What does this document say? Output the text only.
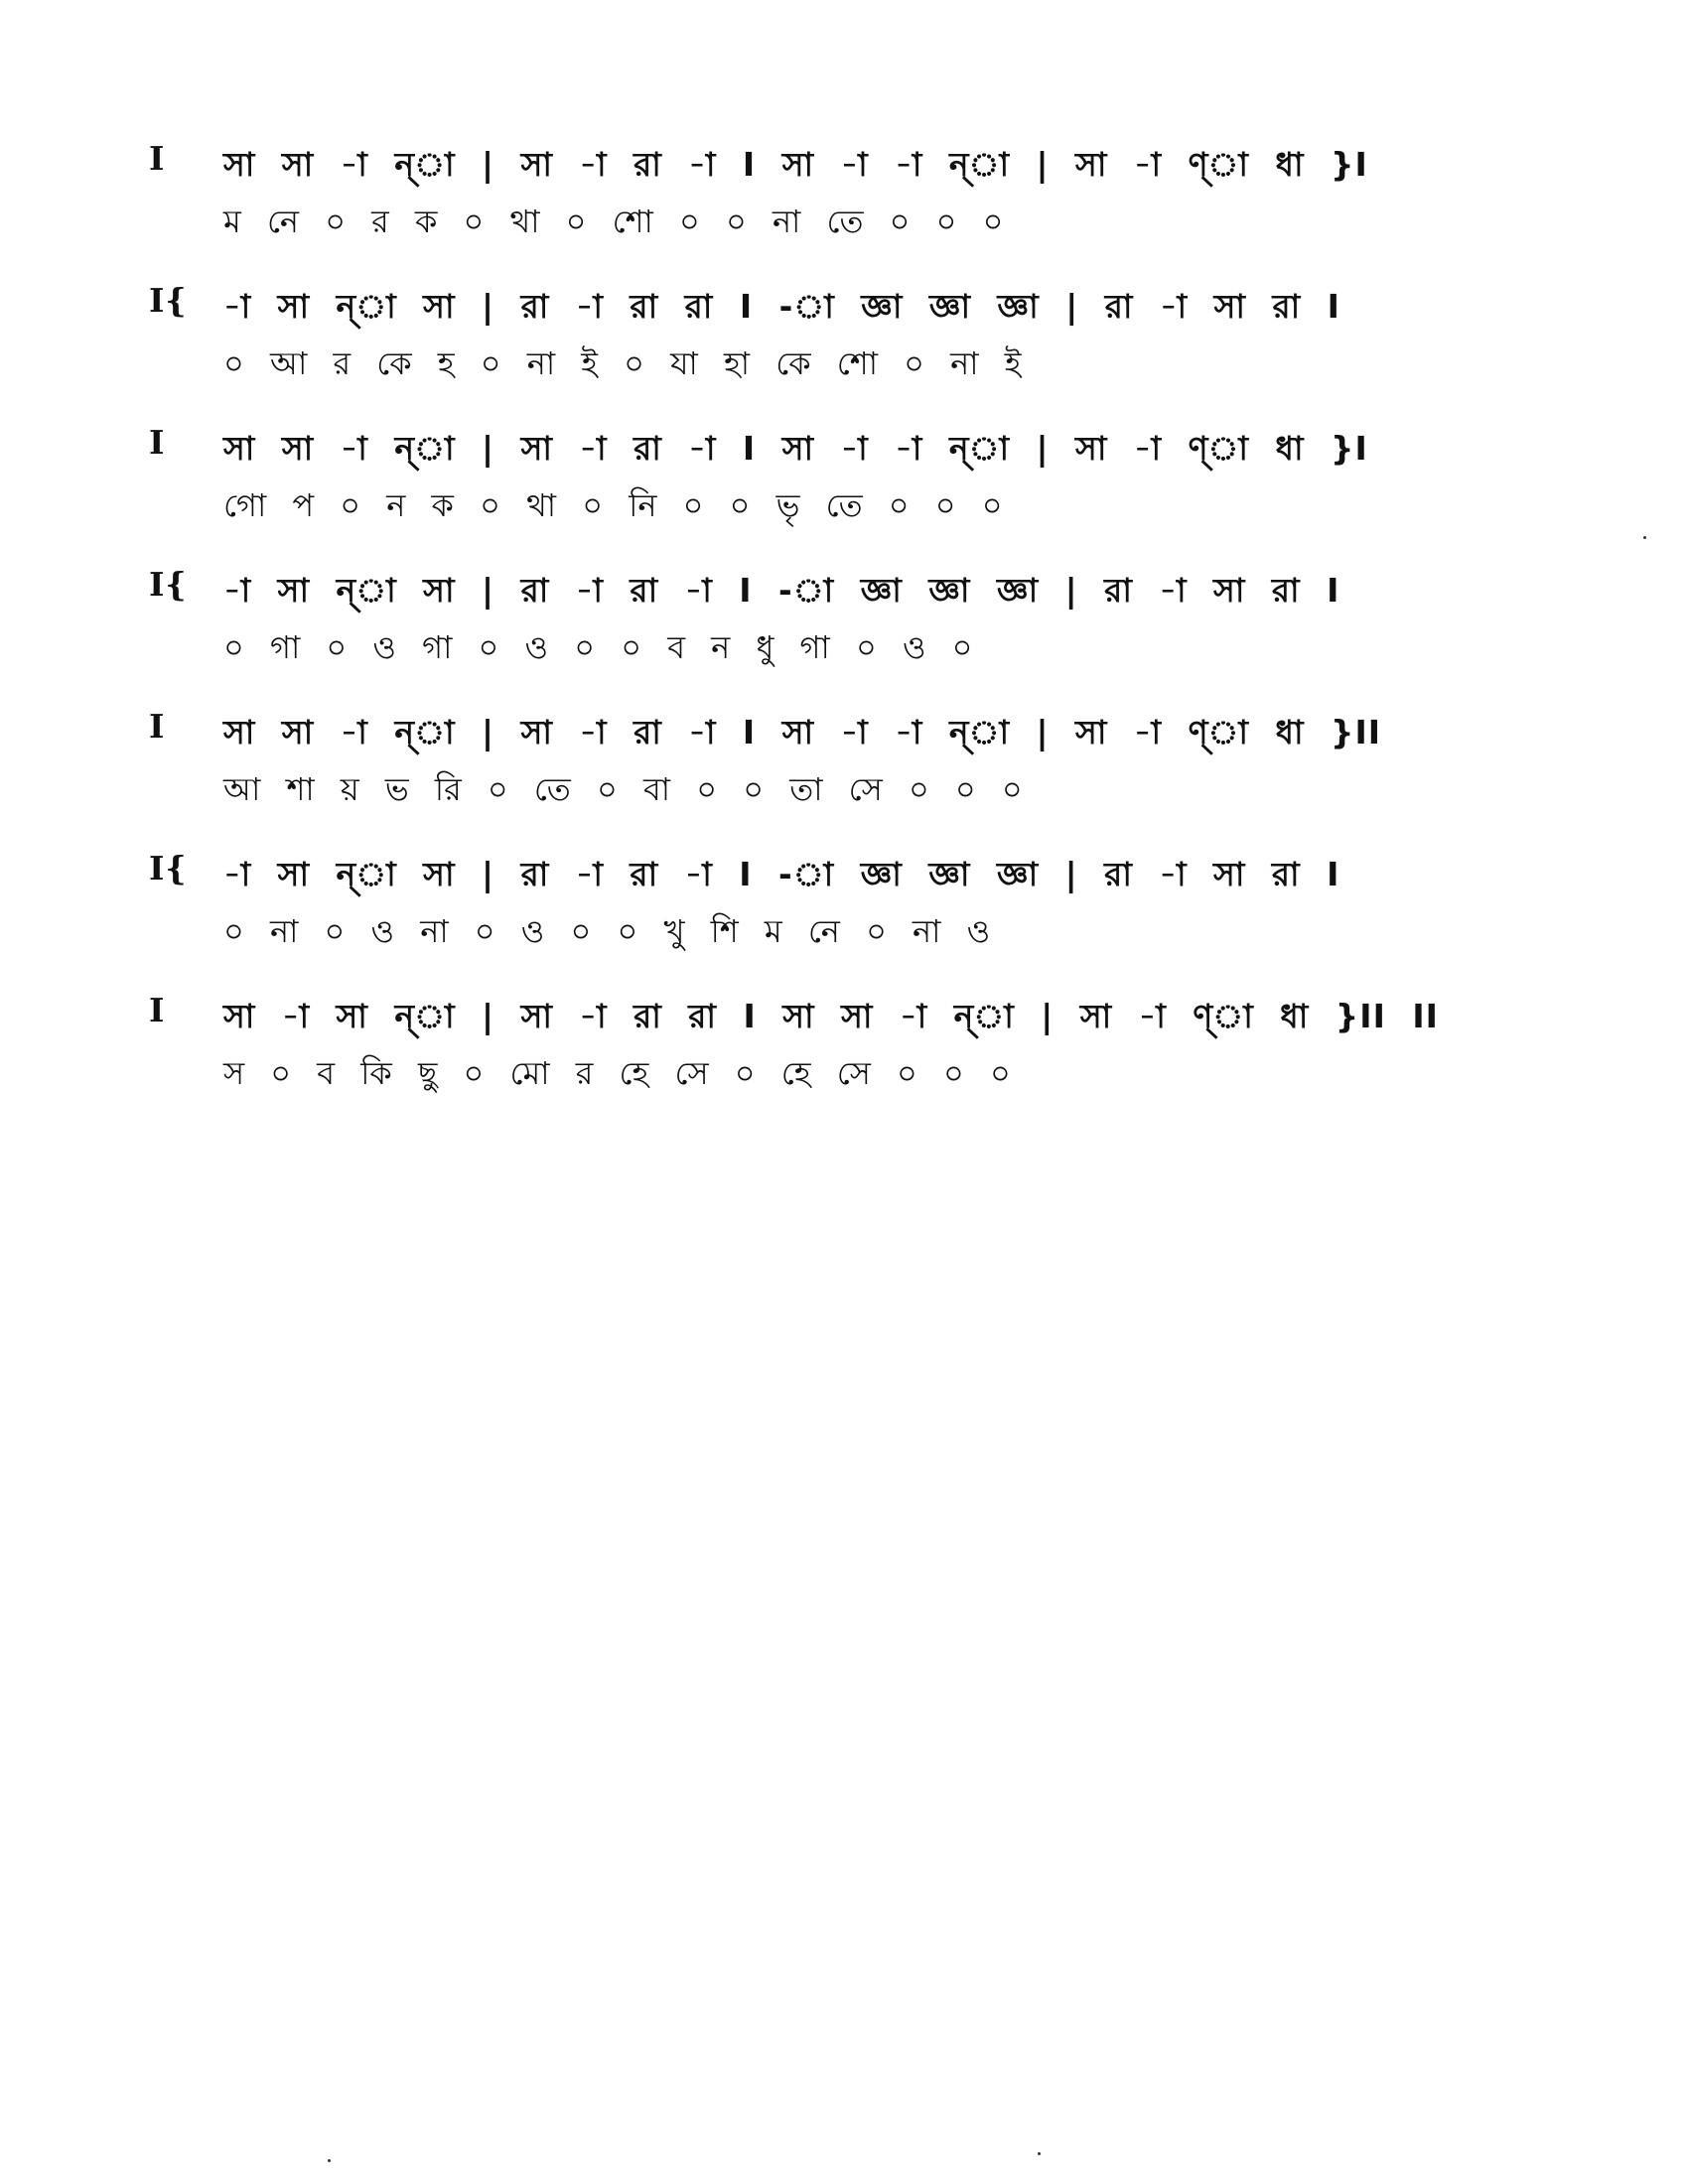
I	সা সা -া ন্‌া | সা -া রা -া I সা -া -া ন্‌া | সা -া ণ্‌া ধা }I
ম নে ০ র ক ০ থা ০ শো ০ ০ না তে ০ ০ ০
I{	-া সা ন্‌া সা | রা -া রা রা I -া জ্ঞা জ্ঞা জ্ঞা | রা -া সা রা I
০ আ র কে হ ০ না ই ০ যা হা কে শো ০ না ই
I	সা সা -া ন্‌া | সা -া রা -া I সা -া -া ন্‌া | সা -া ণ্‌া ধা }I
গো প ০ ন ক ০ থা ০ নি ০ ০ ভৃ তে ০ ০ ০
I{	-া সা ন্‌া সা | রা -া রা -া I -া জ্ঞা জ্ঞা জ্ঞা | রা -া সা রা I
০ গা ০ ও গা ০ ও ০ ০ ব ন ধু গা ০ ও ০
I	সা সা -া ন্‌া | সা -া রা -া I সা -া -া ন্‌া | সা -া ণ্‌া ধা }II
আ শা য় ভ রি ০ তে ০ বা ০ ০ তা সে ০ ০ ০
I{	-া সা ন্‌া সা | রা -া রা -া I -া জ্ঞা জ্ঞা জ্ঞা | রা -া সা রা I
০ না ০ ও না ০ ও ০ ০ খু শি ম নে ০ না ও
I	সা -া সা ন্‌া | সা -া রা রা I সা সা -া ন্‌া | সা -া ণ্‌া ধা }II II
স ০ ব কি ছু ০ মো র হে সে ০ হে সে ০ ০ ০
